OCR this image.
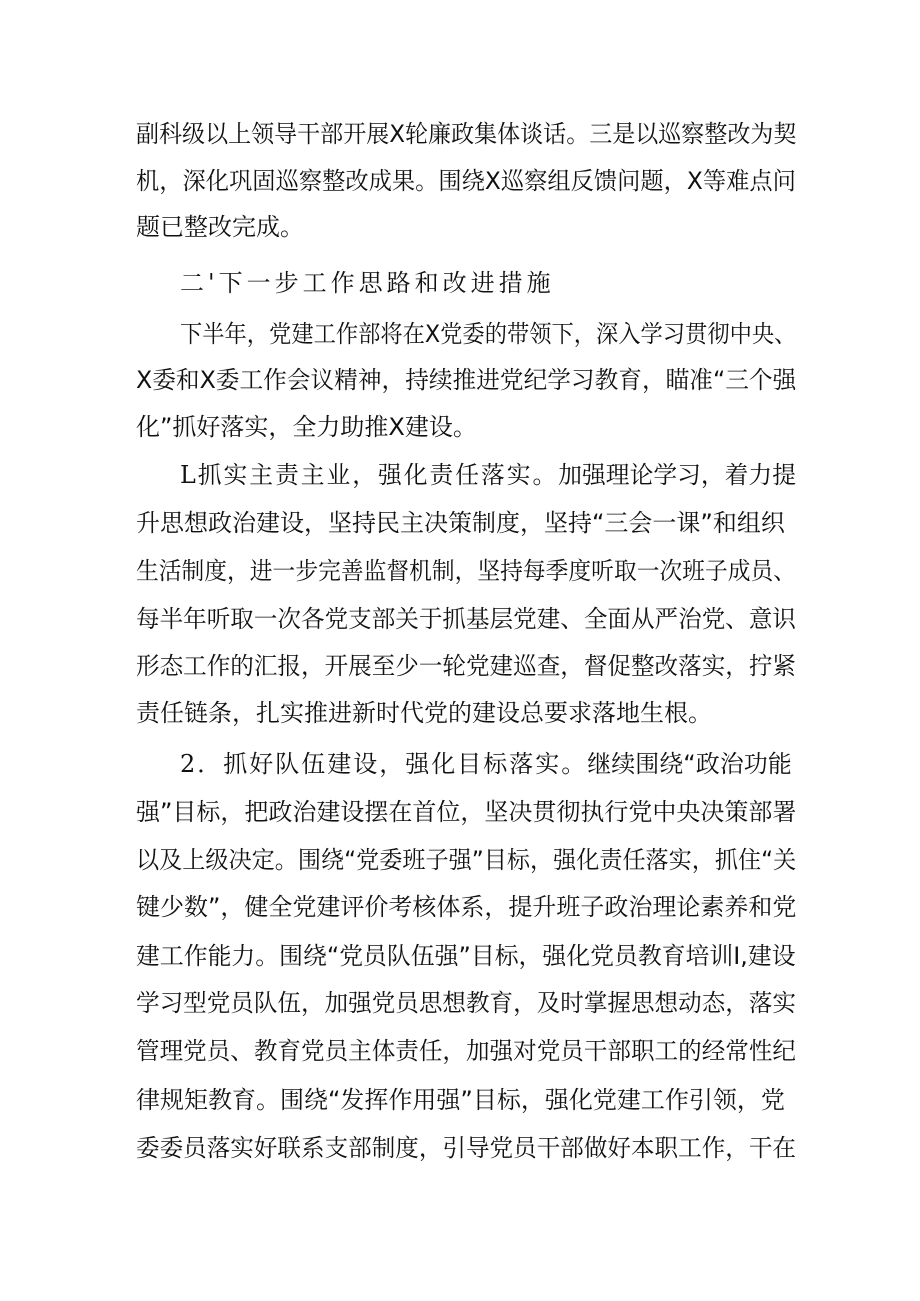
副科级以上领导干部开展X轮廉政集体谈话。三是以巡察整改为契
机，深化巩固巡察整改成果。围绕X巡察组反馈问题，X等难点问
题已整改完成。
二'下一步工作思路和改进措施
下半年，党建工作部将在X党委的带领下，深入学习贯彻中央、
X委和X委工作会议精神，持续推进党纪学习教育，瞄准“三个强
化”抓好落实，全力助推X建设。
L抓实主责主业，强化责任落实。加强理论学习，着力提
升思想政治建设，坚持民主决策制度，坚持“三会一课”和组织
生活制度，进一步完善监督机制，坚持每季度听取一次班子成员、
每半年听取一次各党支部关于抓基层党建、全面从严治党、意识
形态工作的汇报，开展至少一轮党建巡查，督促整改落实，拧紧
责任链条，扎实推进新时代党的建设总要求落地生根。
2．抓好队伍建设，强化目标落实。继续围绕“政治功能
强”目标，把政治建设摆在首位，坚决贯彻执行党中央决策部署
以及上级决定。围绕“党委班子强”目标，强化责任落实，抓住“关
键少数”，健全党建评价考核体系，提升班子政治理论素养和党
建工作能力。围绕“党员队伍强”目标，强化党员教育培训I,建设
学习型党员队伍，加强党员思想教育，及时掌握思想动态，落实
管理党员、教育党员主体责任，加强对党员干部职工的经常性纪
律规矩教育。围绕“发挥作用强”目标，强化党建工作引领，党
委委员落实好联系支部制度，引导党员干部做好本职工作，干在
